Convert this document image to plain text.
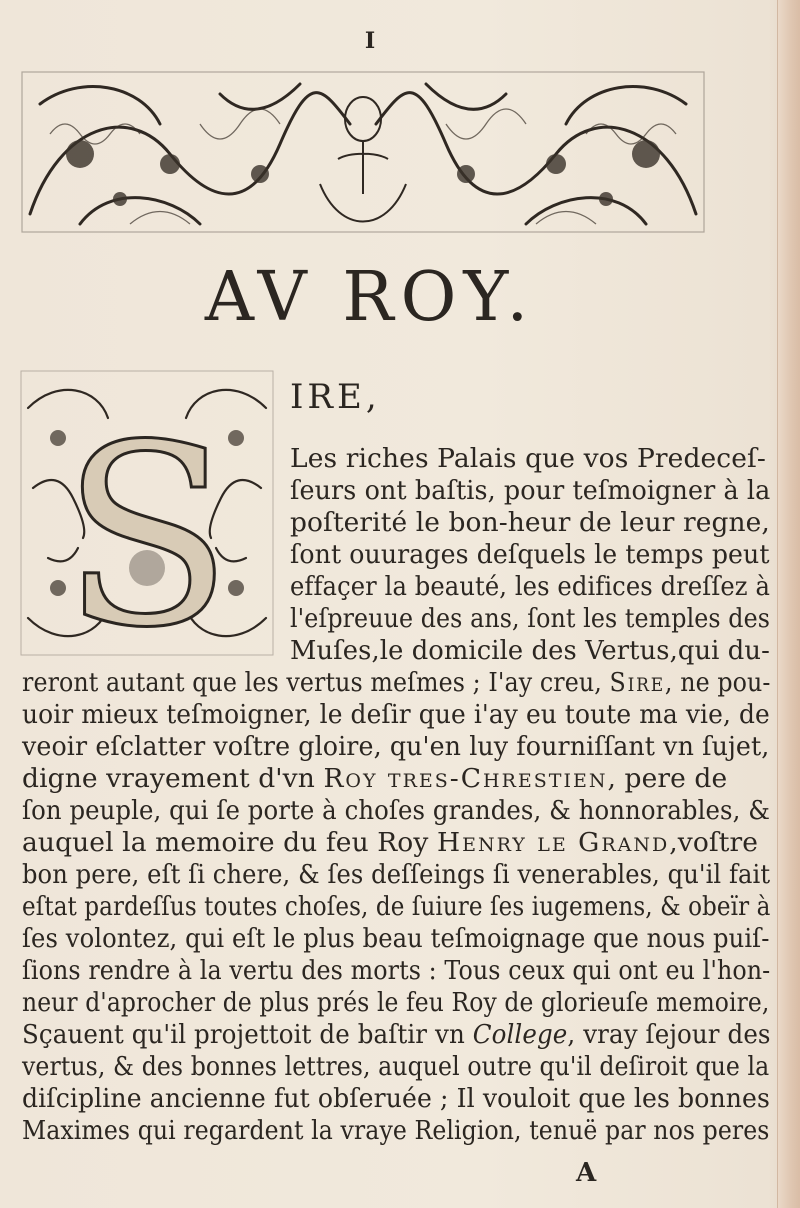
I
AV ROY.
S IRE,
Les riches Palais que vos Predeceſ-
ſeurs ont baſtis, pour teſmoigner à la
poſterité le bon-heur de leur regne,
ſont ouurages deſquels le temps peut
effaçer la beauté, les edifices dreſſez à
l'eſpreuue des ans, ſont les temples des
Muſes,le domicile des Vertus,qui du-
reront autant que les vertus meſmes ; I'ay creu, Sire, ne pou-
uoir mieux teſmoigner, le deſir que i'ay eu toute ma vie, de
veoir eſclatter voſtre gloire, qu'en luy fourniſſant vn ſujet,
digne vrayement d'vn Roy tres-Chrestien, pere de
ſon peuple, qui ſe porte à choſes grandes, & honnorables, &
auquel la memoire du feu Roy Henry le Grand,voſtre
bon pere, eſt ſi chere, & ſes deſſeings ſi venerables, qu'il fait
eſtat pardeſſus toutes choſes, de ſuiure ſes iugemens, & obeïr à
ſes volontez, qui eſt le plus beau teſmoignage que nous puiſ-
ſions rendre à la vertu des morts : Tous ceux qui ont eu l'hon-
neur d'aprocher de plus prés le feu Roy de glorieuſe memoire,
Sçauent qu'il projettoit de baſtir vn College, vray ſejour des
vertus, & des bonnes lettres, auquel outre qu'il deſiroit que la
diſcipline ancienne fut obſeruée ; Il vouloit que les bonnes
Maximes qui regardent la vraye Religion, tenuë par nos peres
A
